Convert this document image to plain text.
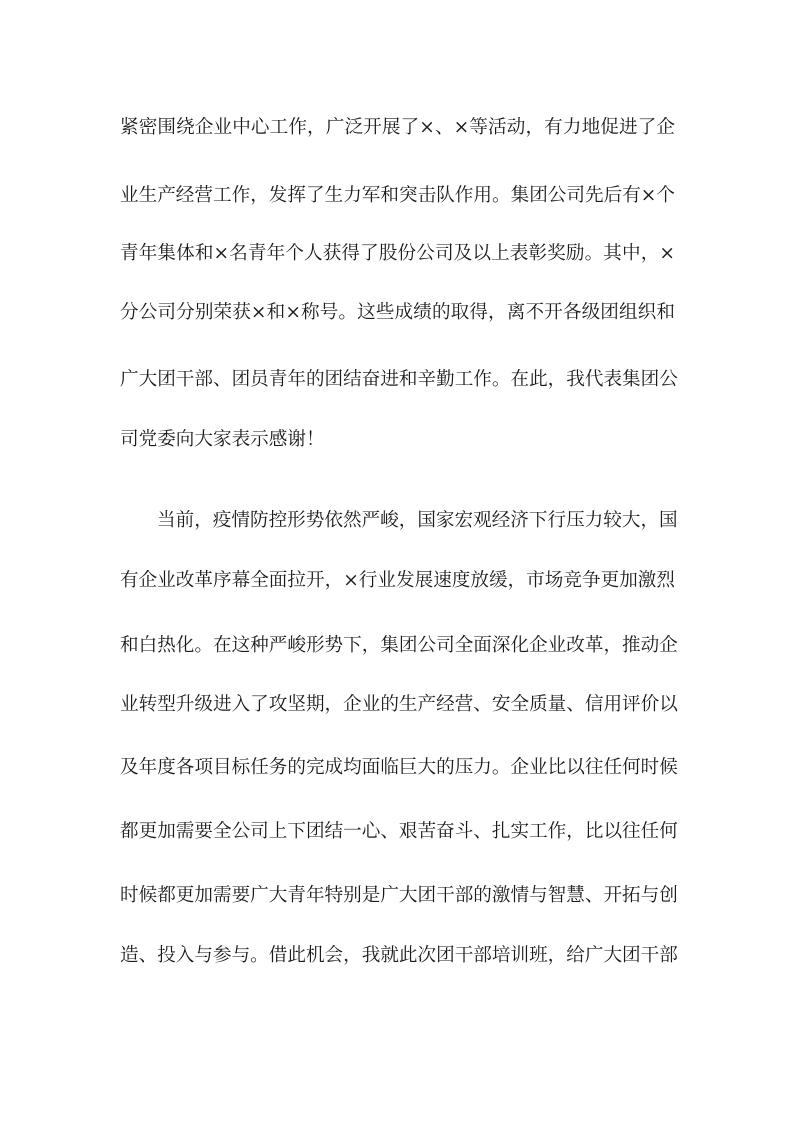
紧密围绕企业中心工作，广泛开展了×、×等活动，有力地促进了企
业生产经营工作，发挥了生力军和突击队作用。集团公司先后有×个
青年集体和×名青年个人获得了股份公司及以上表彰奖励。其中，×
分公司分别荣获×和×称号。这些成绩的取得，离不开各级团组织和
广大团干部、团员青年的团结奋进和辛勤工作。在此，我代表集团公
司党委向大家表示感谢！
当前，疫情防控形势依然严峻，国家宏观经济下行压力较大，国
有企业改革序幕全面拉开，×行业发展速度放缓，市场竞争更加激烈
和白热化。在这种严峻形势下，集团公司全面深化企业改革，推动企
业转型升级进入了攻坚期，企业的生产经营、安全质量、信用评价以
及年度各项目标任务的完成均面临巨大的压力。企业比以往任何时候
都更加需要全公司上下团结一心、艰苦奋斗、扎实工作，比以往任何
时候都更加需要广大青年特别是广大团干部的激情与智慧、开拓与创
造、投入与参与。借此机会，我就此次团干部培训班，给广大团干部
